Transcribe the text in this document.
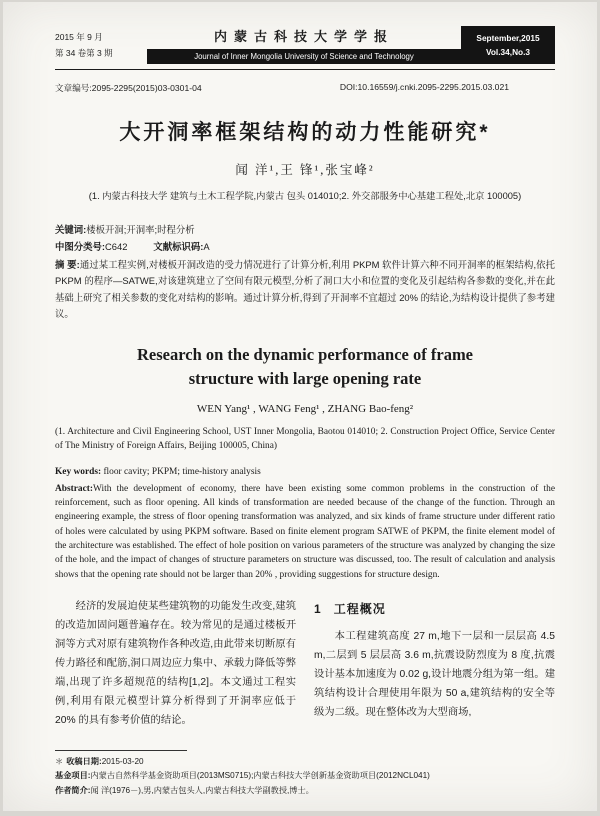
2015 年 9 月
第 34 卷第 3 期
内蒙古科技大学学报
Journal of Inner Mongolia University of Science and Technology
September,2015
Vol.34,No.3
文章编号:2095-2295(2015)03-0301-04	DOI:10.16559/j.cnki.2095-2295.2015.03.021
大开洞率框架结构的动力性能研究*
闻 洋¹,王 锋¹,张宝峰²
(1. 内蒙古科技大学 建筑与土木工程学院,内蒙古 包头 014010;2. 外交部服务中心基建工程处,北京 100005)
关键词:楼板开洞;开洞率;时程分析
中图分类号:C642	文献标识码:A
摘 要:通过某工程实例,对楼板开洞改造的受力情况进行了计算分析,利用 PKPM 软件计算六种不同开洞率的框架结构,依托 PKPM 的程序—SATWE,对该建筑建立了空间有限元模型,分析了洞口大小和位置的变化及引起结构各参数的变化,并在此基础上研究了相关参数的变化对结构的影响。通过计算分析,得到了开洞率不宜超过 20% 的结论,为结构设计提供了参考建议。
Research on the dynamic performance of frame
structure with large opening rate
WEN Yang¹ , WANG Feng¹ , ZHANG Bao-feng²
(1. Architecture and Civil Engineering School, UST Inner Mongolia, Baotou 014010; 2. Construction Project Office, Service Center of The Ministry of Foreign Affairs, Beijing 100005, China)
Key words: floor cavity; PKPM; time-history analysis
Abstract:With the development of economy, there have been existing some common problems in the construction of the reinforcement, such as floor opening. All kinds of transformation are needed because of the change of the function. Through an engineering example, the stress of floor opening transformation was analyzed, and six kinds of frame structure under different ratio of holes were calculated by using PKPM software. Based on finite element program SATWE of PKPM, the finite element model of the architecture was established. The effect of hole position on various parameters of the structure was analyzed by changing the size of the hole, and the impact of changes of structure parameters on structure was discussed, too. The result of calculation and analysis shows that the opening rate should not be larger than 20% , providing suggestions for structure design.

经济的发展迫使某些建筑物的功能发生改变,建筑的改造加固问题普遍存在。较为常见的是通过楼板开洞等方式对原有建筑物作各种改造,由此带来切断原有传力路径和配筋,洞口周边应力集中、承载力降低等弊端,出现了许多超规范的结构[1,2]。本文通过工程实例,利用有限元模型计算分析得到了开洞率应低于 20% 的具有参考价值的结论。

1 工程概况

本工程建筑高度 27 m,地下一层和一层层高 4.5 m,二层到 5 层层高 3.6 m,抗震设防烈度为 8 度,抗震设计基本加速度为 0.02 g,设计地震分组为第一组。建筑结构设计合理使用年限为 50 a,建筑结构的安全等级为二级。现在整体改为大型商场,

＊ 收稿日期:2015-03-20
基金项目:内蒙古自然科学基金资助项目(2013MS0715);内蒙古科技大学创新基金资助项目(2012NCL041)
作者简介:闻 洋(1976－),男,内蒙古包头人,内蒙古科技大学副教授,博士。
